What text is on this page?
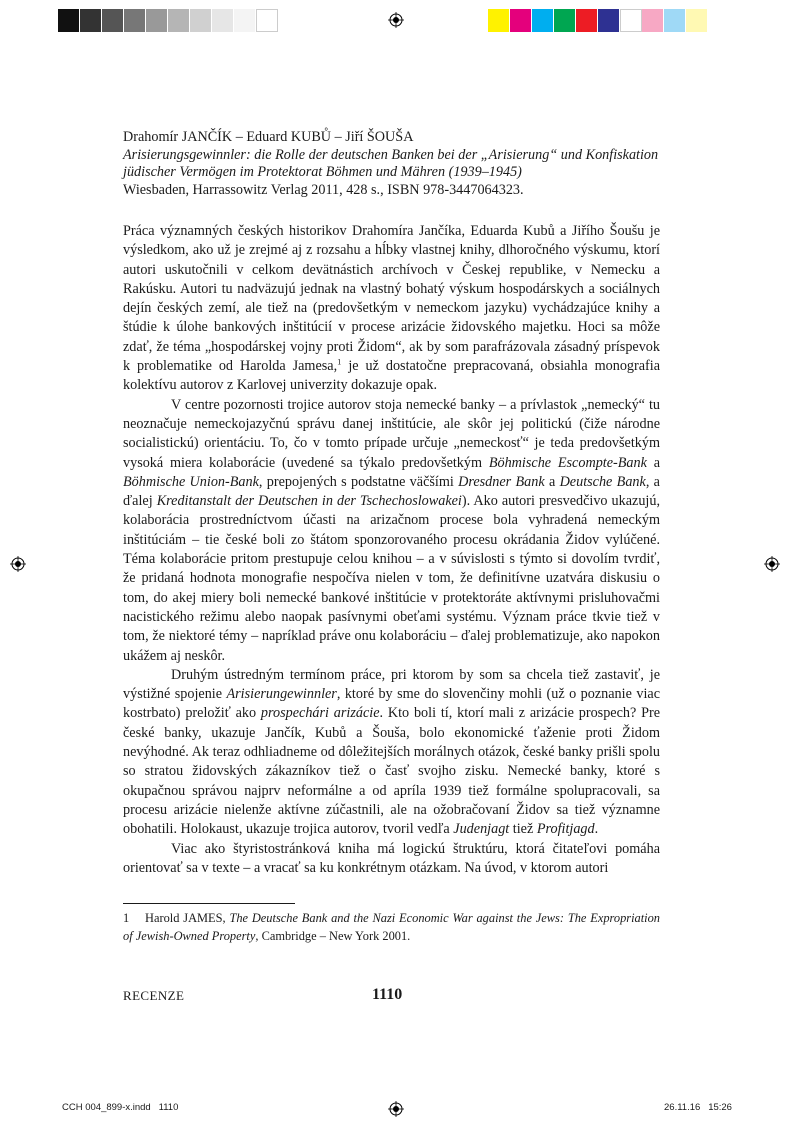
Drahomír JANČÍK – Eduard KUBŮ – Jiří ŠOUŠA
Arisierungsgewinnler: die Rolle der deutschen Banken bei der „Arisierung“ und Konfiskation jüdischer Vermögen im Protektorat Böhmen und Mähren (1939–1945)
Wiesbaden, Harrassowitz Verlag 2011, 428 s., ISBN 978-3447064323.

Práca významných českých historikov Drahomíra Jančíka, Eduarda Kubů a Jiřího Šoušu je výsledkom, ako už je zrejmé aj z rozsahu a hĺbky vlastnej knihy, dlhoročného výskumu, ktorí autori uskutočnili v celkom devätnástich archívoch v Českej republike, v Nemecku a Rakúsku. Autori tu nadväzujú jednak na vlastný bohatý výskum hospodárskych a sociálnych dejín českých zemí, ale tiež na (predovšetkým v nemeckom jazyku) vychádzajúce knihy a štúdie k úlohe bankových inštitúcií v procese arizácie židovského majetku. Hoci sa môže zdať, že téma „hospodárskej vojny proti Židom“, ak by som parafrázovala zásadný príspevok k problematike od Harolda Jamesa,$^1$ je už dostatočne prepracovaná, obsiahla monografia kolektívu autorov z Karlovej univerzity dokazuje opak.

V centre pozornosti trojice autorov stoja nemecké banky – a prívlastok „nemecký“ tu neoznačuje nemeckojazyčnú správu danej inštitúcie, ale skôr jej politickú (čiže národne socialistickú) orientáciu. To, čo v tomto prípade určuje „nemeckosť“ je teda predovšetkým vysoká miera kolaborácie (uvedené sa týkalo predovšetkým Böhmische Escompte-Bank a Böhmische Union-Bank, prepojených s podstatne väčšími Dresdner Bank a Deutsche Bank, a ďalej Kreditanstalt der Deutschen in der Tschechoslowakei). Ako autori presvedčivo ukazujú, kolaborácia prostredníctvom účasti na arizačnom procese bola vyhradená nemeckým inštitúciám – tie české boli zo štátom sponzorovaného procesu okrádania Židov vylúčené. Téma kolaborácie pritom prestupuje celou knihou – a v súvislosti s týmto si dovolím tvrdiť, že pridaná hodnota monografie nespočíva nielen v tom, že definitívne uzatvára diskusiu o tom, do akej miery boli nemecké bankové inštitúcie v protektoráte aktívnymi prisluhovačmi nacistického režimu alebo naopak pasívnymi obeťami systému. Význam práce tkvie tiež v tom, že niektoré témy – napríklad práve onu kolaboráciu – ďalej problematizuje, ako napokon ukážem aj neskôr.

Druhým ústredným termínom práce, pri ktorom by som sa chcela tiež zastaviť, je výstižné spojenie Arisierungewinnler, ktoré by sme do slovenčiny mohli (už o poznanie viac kostrbato) preložiť ako prospechári arizácie. Kto boli tí, ktorí mali z arizácie prospech? Pre české banky, ukazuje Jančík, Kubů a Šouša, bolo ekonomické ťaženie proti Židom nevýhodné. Ak teraz odhliadneme od dôležitejších morálnych otázok, české banky prišli spolu so stratou židovských zákazníkov tiež o časť svojho zisku. Nemecké banky, ktoré s okupačnou správou najprv neformálne a od apríla 1939 tiež formálne spolupracovali, sa procesu arizácie nielenže aktívne zúčastnili, ale na ožobračovaní Židov sa tiež významne obohatili. Holokaust, ukazuje trojica autorov, tvoril vedľa Judenjagt tiež Profitjagd.

Viac ako štyristostránková kniha má logickú štruktúru, ktorá čitateľovi pomáha orientovať sa v texte – a vracať sa ku konkrétnym otázkam. Na úvod, v ktorom autori

1 Harold JAMES, The Deutsche Bank and the Nazi Economic War against the Jews: The Expropriation of Jewish-Owned Property, Cambridge – New York 2001.
RECENZE	1110
CCH 004_899-x.indd   1110	26.11.16   15:26
